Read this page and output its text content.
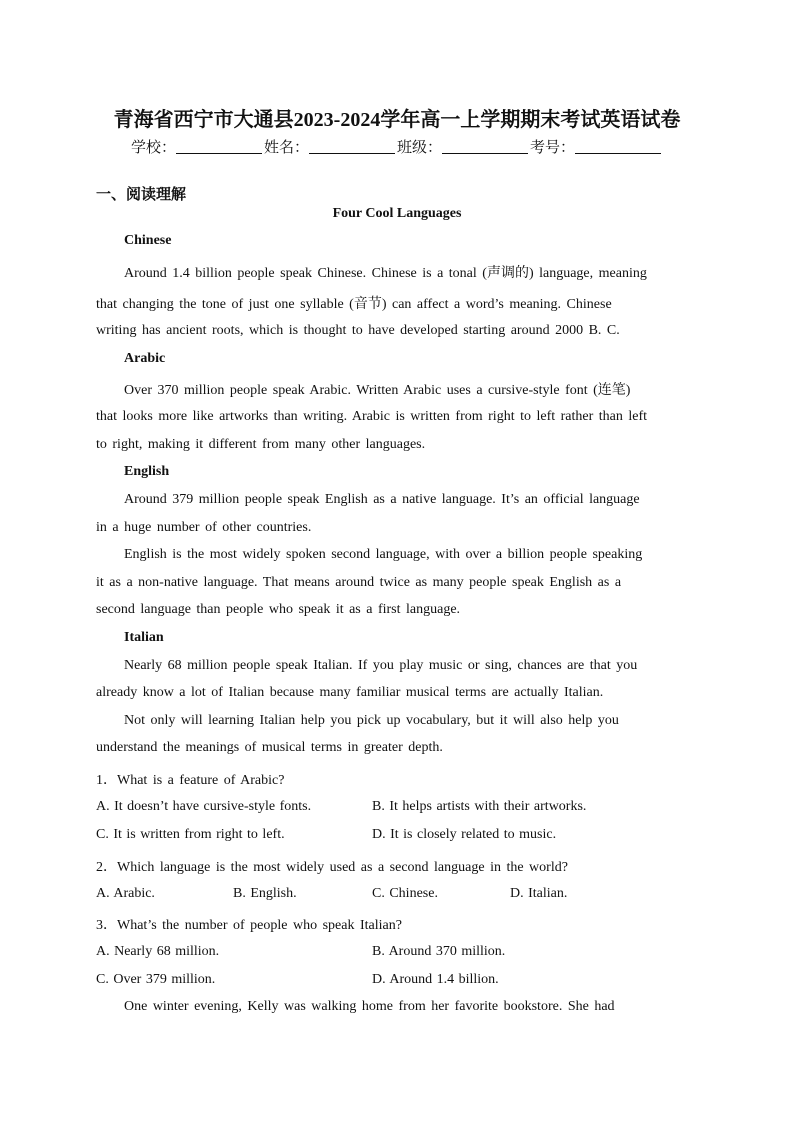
青海省西宁市大通县2023-2024学年高一上学期期末考试英语试卷
学校：	姓名：	班级：	考号：
一、阅读理解
Four Cool Languages
Chinese
Around 1.4 billion people speak Chinese. Chinese is a tonal (声调的) language, meaning
that changing the tone of just one syllable (音节) can affect a word’s meaning. Chinese
writing has ancient roots, which is thought to have developed starting around 2000 B. C.
Arabic
Over 370 million people speak Arabic. Written Arabic uses a cursive-style font (连笔)
that looks more like artworks than writing. Arabic is written from right to left rather than left
to right, making it different from many other languages.
English
Around 379 million people speak English as a native language. It’s an official language
in a huge number of other countries.
English is the most widely spoken second language, with over a billion people speaking
it as a non-native language. That means around twice as many people speak English as a
second language than people who speak it as a first language.
Italian
Nearly 68 million people speak Italian. If you play music or sing, chances are that you
already know a lot of Italian because many familiar musical terms are actually Italian.
Not only will learning Italian help you pick up vocabulary, but it will also help you
understand the meanings of musical terms in greater depth.
1．What is a feature of Arabic?
A. It doesn’t have cursive-style fonts.	B. It helps artists with their artworks.
C. It is written from right to left.	D. It is closely related to music.
2．Which language is the most widely used as a second language in the world?
A. Arabic.	B. English.	C. Chinese.	D. Italian.
3．What’s the number of people who speak Italian?
A. Nearly 68 million.	B. Around 370 million.
C. Over 379 million.	D. Around 1.4 billion.
One winter evening, Kelly was walking home from her favorite bookstore. She had
